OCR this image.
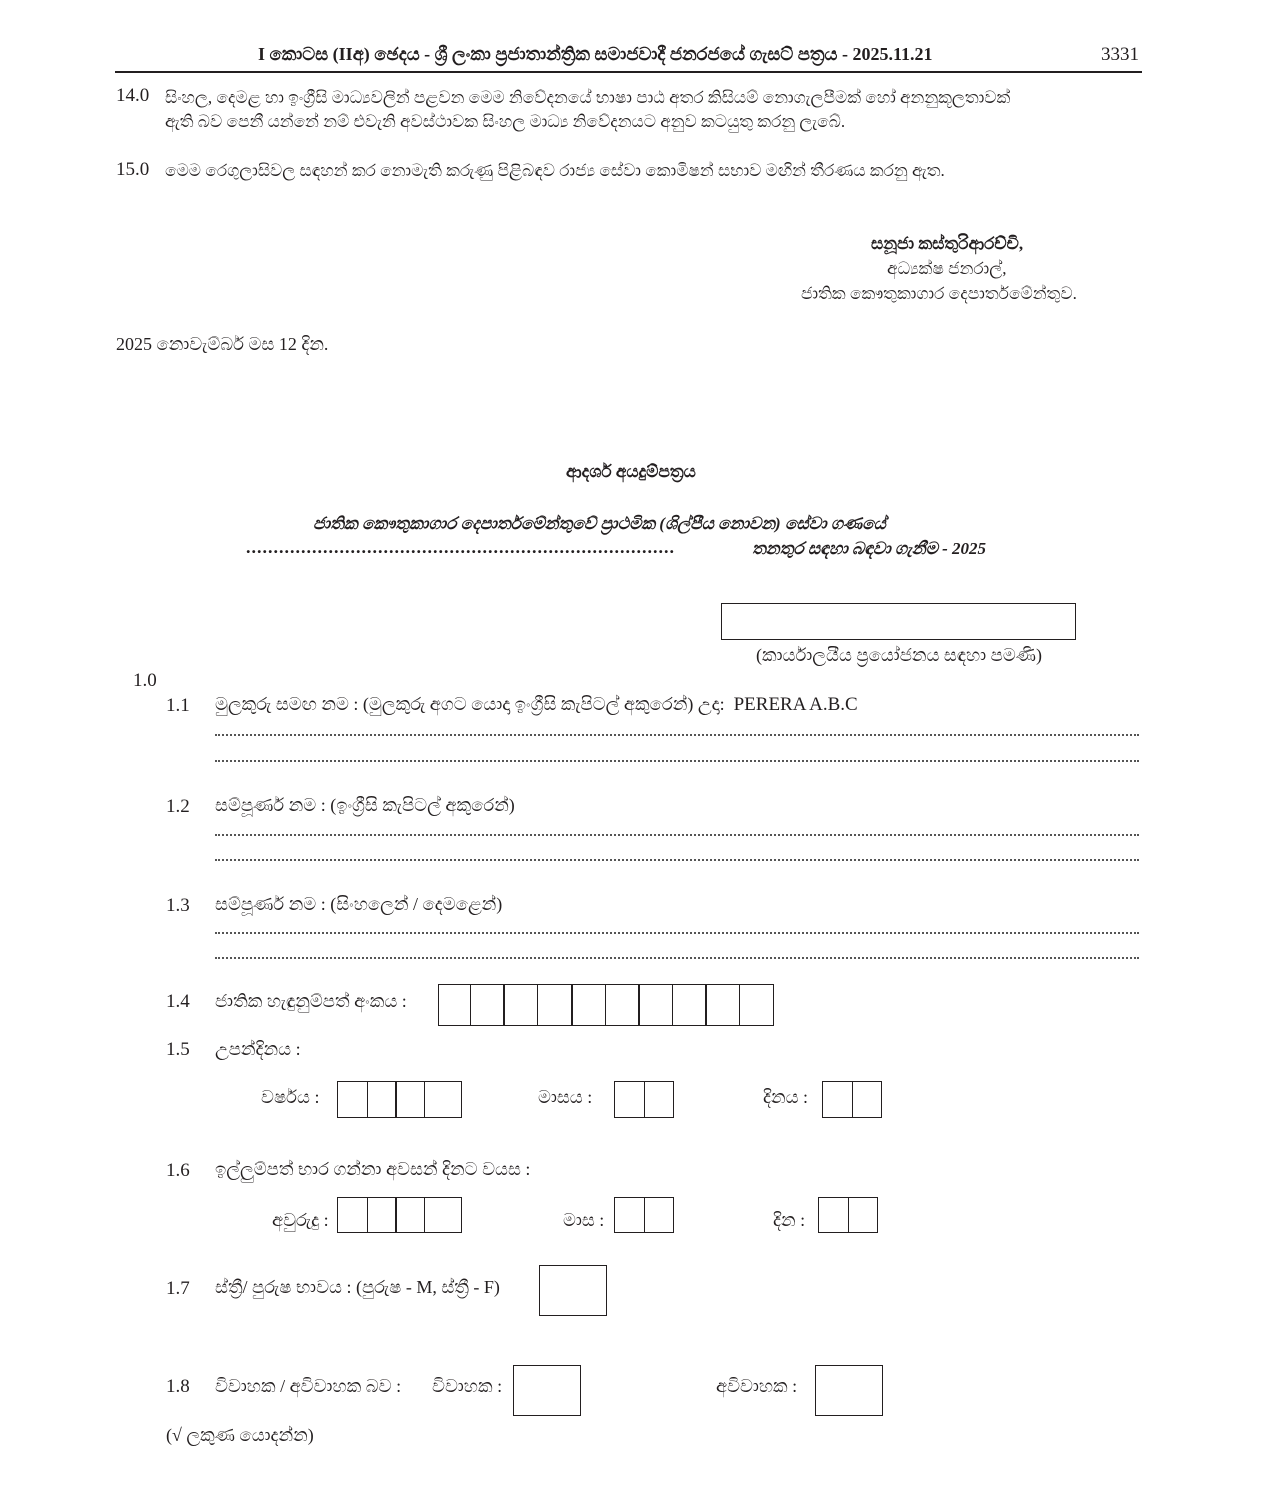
I කොටස (IIඅ) ඡෙදය - ශ්‍රී ලංකා ප්‍රජාතාන්ත්‍රික සමාජවාදී ජනරජයේ ගැසට් පත්‍රය - 2025.11.21	3331
14.0 සිංහල, දෙමළ හා ඉංග්‍රීසි මාධ්‍යවලින් පළවන මෙම නිවේදනයේ භාෂා පාඨ අතර කිසියම් නොගැලපීමක් හෝ අනනුකූලතාවක්
ඇති බව පෙනී යන්නේ නම් එවැනි අවස්ථාවක සිංහල මාධ්‍ය නිවේදනයට අනුව කටයුතු කරනු ලැබේ.
15.0 මෙම රෙගුලාසිවල සඳහන් කර නොමැති කරුණු පිළිබඳව රාජ්‍ය සේවා කොමිෂන් සභාව මඟින් තීරණය කරනු ඇත.
සනූජා කස්තුරිආරච්චි,
අධ්‍යක්ෂ ජනරාල්,
ජාතික කෞතුකාගාර දෙපාර්තමේන්තුව.
2025 නොවැම්බර් මස 12 දින.
ආදර්ශ අයදුම්පත්‍රය
ජාතික කෞතුකාගාර දෙපාර්තමේන්තුවේ ප්‍රාථමික (ශිල්පීය නොවන) සේවා ගණයේ
..............................................................................	තනතුර සඳහා බඳවා ගැනීම - 2025
(කාර්යාලයීය ප්‍රයෝජනය සඳහා පමණි)
1.0
1.1 මුලකුරු සමඟ නම : (මුලකුරු අගට යොදා ඉංග්‍රීසි කැපිටල් අකුරෙන්) උදා: PERERA A.B.C
1.2 සම්පූර්ණ නම : (ඉංග්‍රීසි කැපිටල් අකුරෙන්)
1.3 සම්පූර්ණ නම : (සිංහලෙන් / දෙමළෙන්)
1.4 ජාතික හැඳුනුම්පත් අංකය :
1.5 උපන්දිනය :
වර්ෂය :	මාසය :	දිනය :
1.6 ඉල්ලුම්පත් භාර ගන්නා අවසන් දිනට වයස :
අවුරුදු :	මාස :	දින :
1.7 ස්ත්‍රී/ පුරුෂ භාවය : (පුරුෂ - M, ස්ත්‍රී - F)
1.8 විවාහක / අවිවාහක බව : විවාහක :	අවිවාහක :
(√ ලකුණ යොදන්න)
